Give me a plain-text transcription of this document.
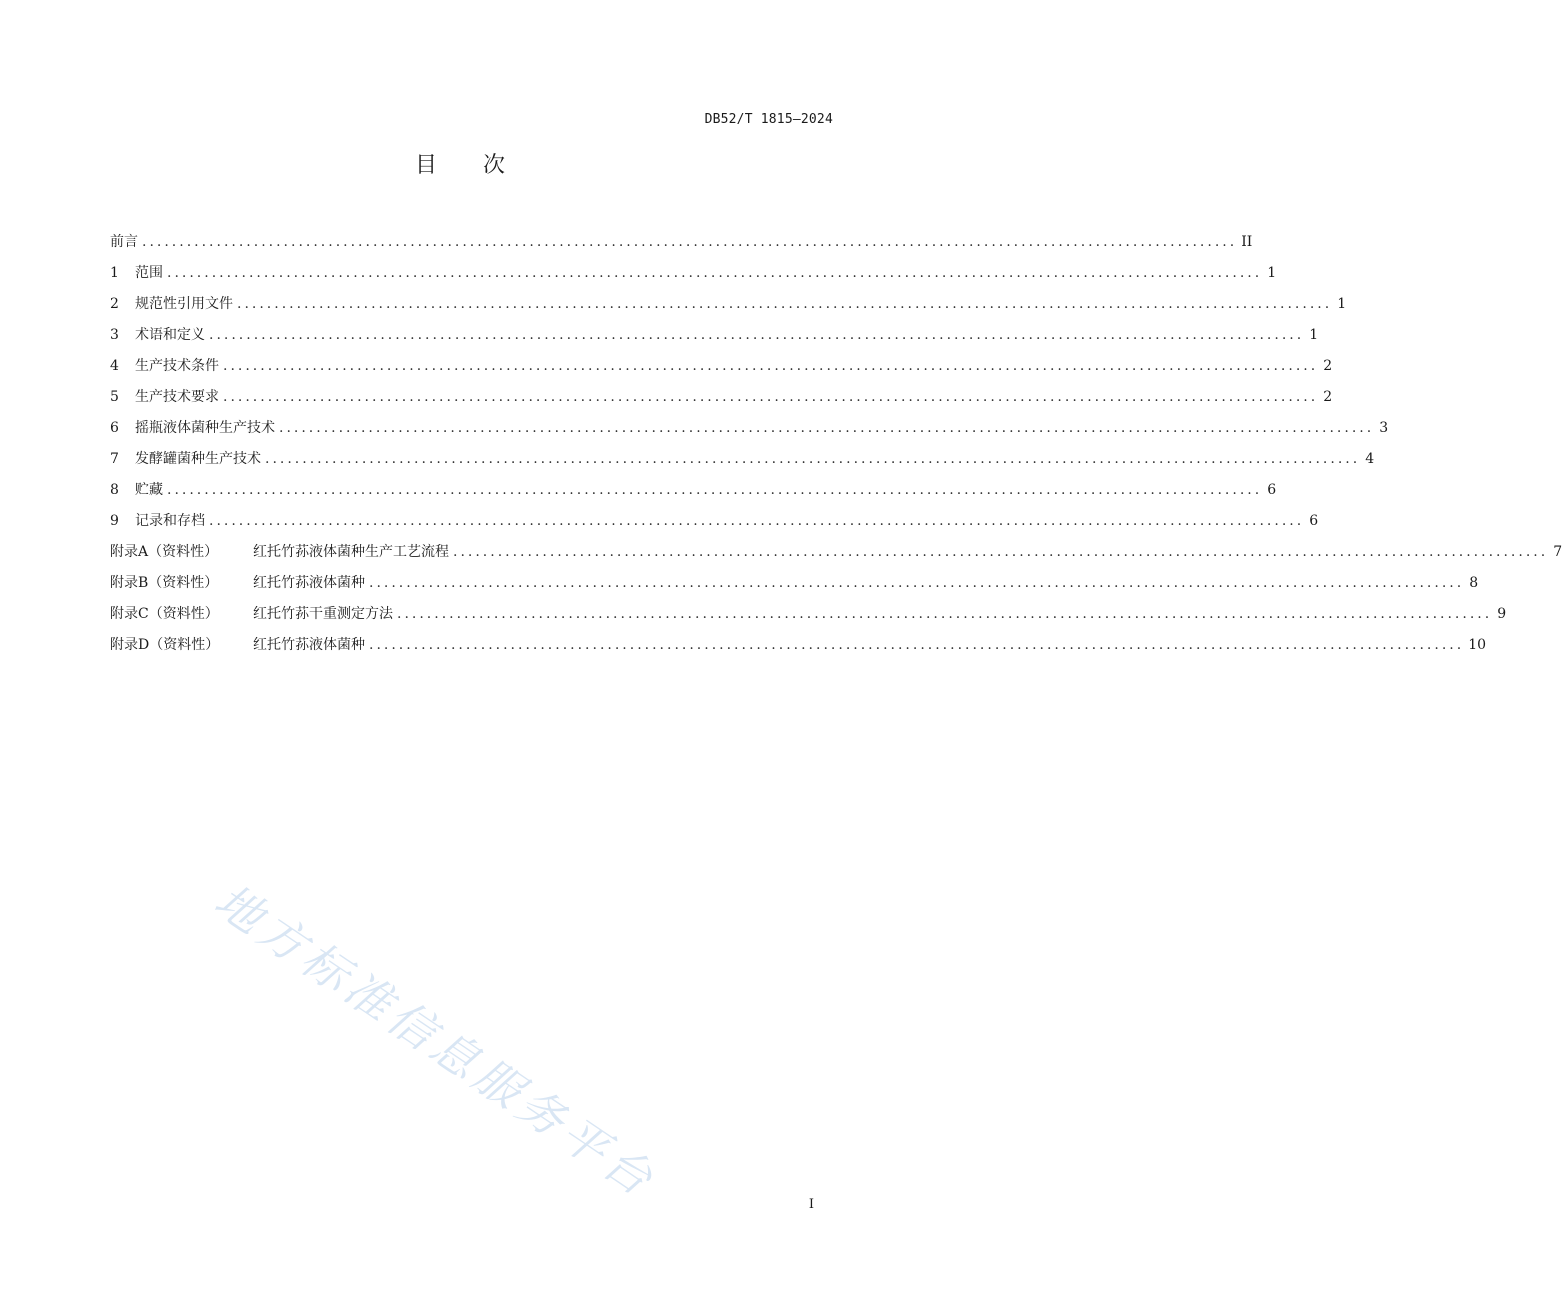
DB52/T 1815—2024
目次
前言 ................................................................................................................................................... II
1	范围 ................................................................................................................................................... 1
2	规范性引用文件 ................................................................................................................................................... 1
3	术语和定义 ................................................................................................................................................... 1
4	生产技术条件 ................................................................................................................................................... 2
5	生产技术要求 ................................................................................................................................................... 2
6	摇瓶液体菌种生产技术 ................................................................................................................................................... 3
7	发酵罐菌种生产技术 ................................................................................................................................................... 4
8	贮藏 ................................................................................................................................................... 6
9	记录和存档 ................................................................................................................................................... 6
附录A（资料性）	红托竹荪液体菌种生产工艺流程 ................................................................................................................................................... 7
附录B（资料性）	红托竹荪液体菌种 ................................................................................................................................................... 8
附录C（资料性）	红托竹荪干重测定方法 ................................................................................................................................................... 9
附录D（资料性）	红托竹荪液体菌种 ................................................................................................................................................... 10
地方标准信息服务平台	I
